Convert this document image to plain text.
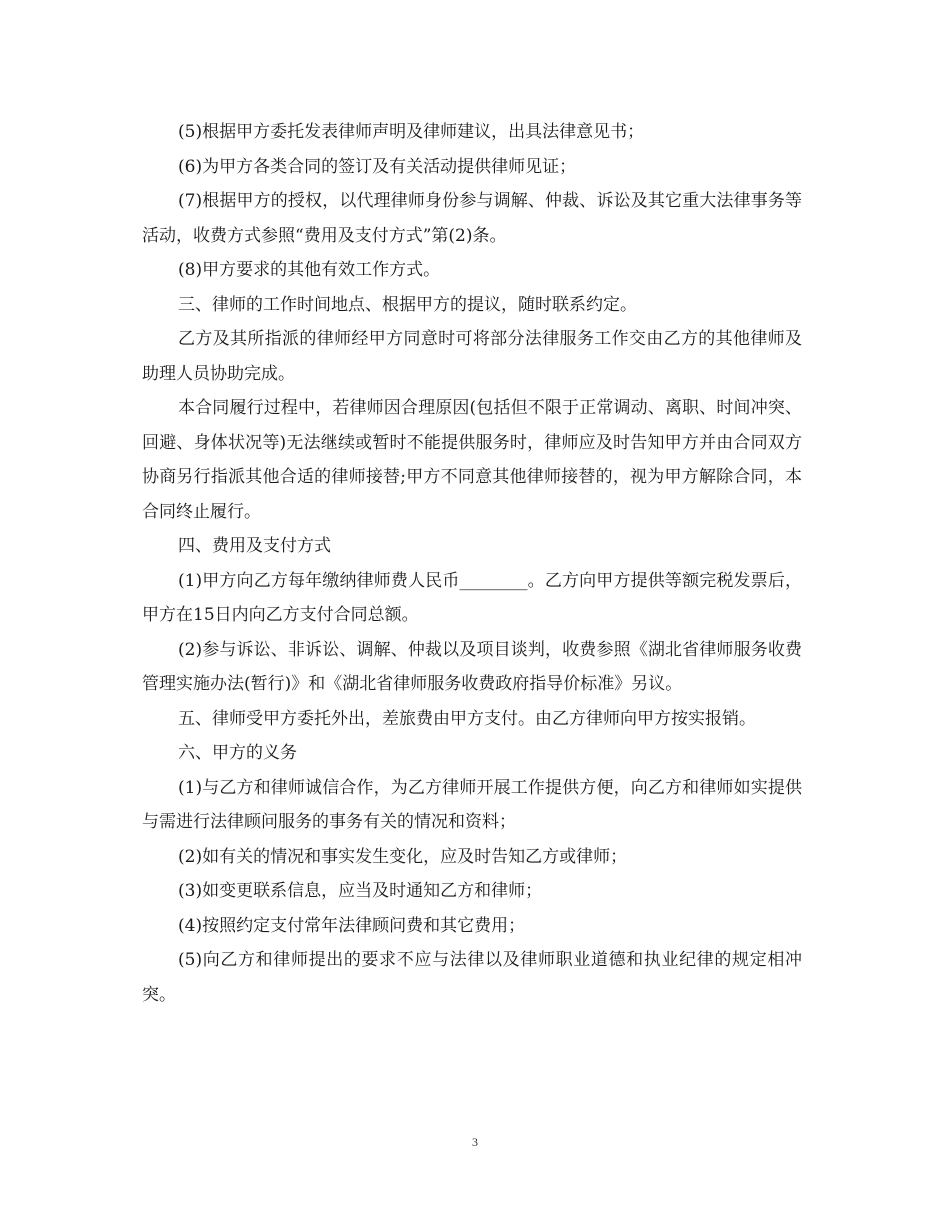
(5)根据甲方委托发表律师声明及律师建议，出具法律意见书；

(6)为甲方各类合同的签订及有关活动提供律师见证；

(7)根据甲方的授权，以代理律师身份参与调解、仲裁、诉讼及其它重大法律事务等活动，收费方式参照“费用及支付方式”第(2)条。

(8)甲方要求的其他有效工作方式。

三、律师的工作时间地点、根据甲方的提议，随时联系约定。

乙方及其所指派的律师经甲方同意时可将部分法律服务工作交由乙方的其他律师及助理人员协助完成。

本合同履行过程中，若律师因合理原因(包括但不限于正常调动、离职、时间冲突、回避、身体状况等)无法继续或暂时不能提供服务时，律师应及时告知甲方并由合同双方协商另行指派其他合适的律师接替;甲方不同意其他律师接替的，视为甲方解除合同，本合同终止履行。

四、费用及支付方式

(1)甲方向乙方每年缴纳律师费人民币________。乙方向甲方提供等额完税发票后，甲方在15日内向乙方支付合同总额。

(2)参与诉讼、非诉讼、调解、仲裁以及项目谈判，收费参照《湖北省律师服务收费管理实施办法(暂行)》和《湖北省律师服务收费政府指导价标准》另议。

五、律师受甲方委托外出，差旅费由甲方支付。由乙方律师向甲方按实报销。

六、甲方的义务

(1)与乙方和律师诚信合作，为乙方律师开展工作提供方便，向乙方和律师如实提供与需进行法律顾问服务的事务有关的情况和资料；

(2)如有关的情况和事实发生变化，应及时告知乙方或律师；

(3)如变更联系信息，应当及时通知乙方和律师；

(4)按照约定支付常年法律顾问费和其它费用；

(5)向乙方和律师提出的要求不应与法律以及律师职业道德和执业纪律的规定相冲突。

3
